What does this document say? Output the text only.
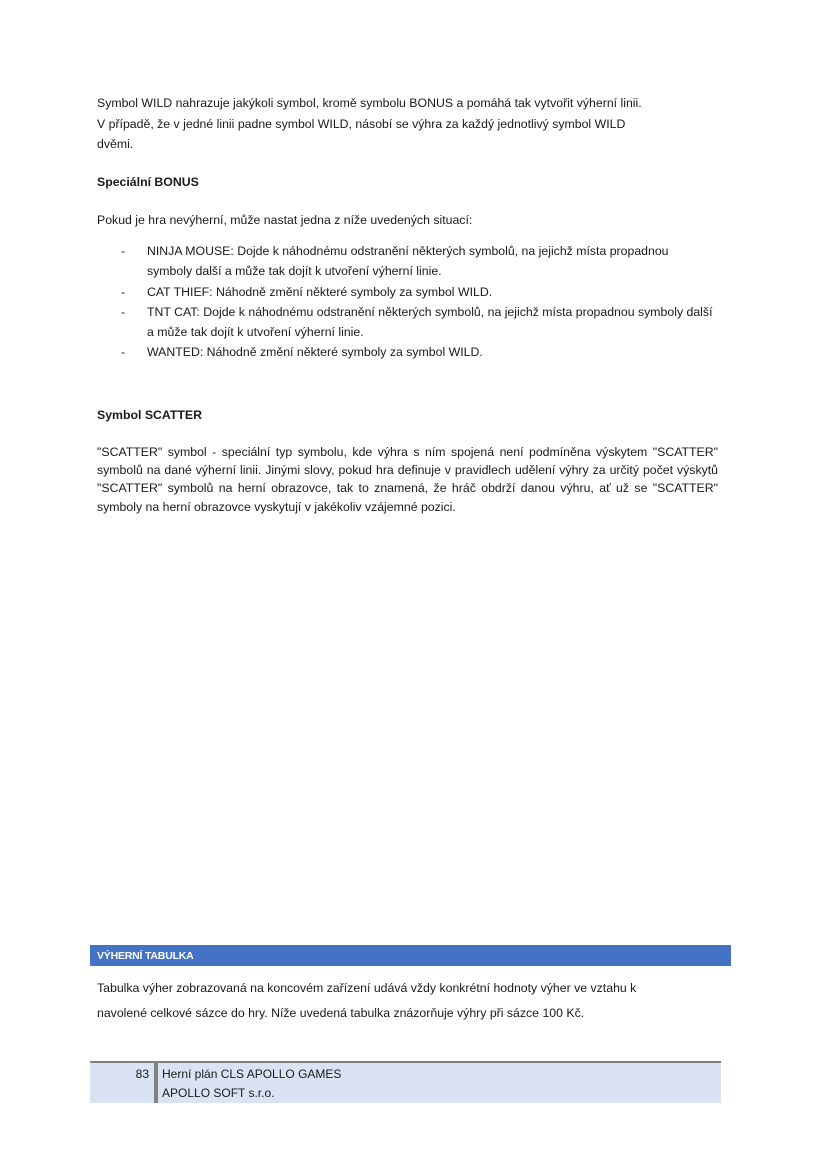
Symbol WILD nahrazuje jakýkoli symbol, kromě symbolu BONUS a pomáhá tak vytvořit výherní linii.
V případě, že v jedné linii padne symbol WILD, násobí se výhra za každý jednotlivý symbol WILD
dvěmi.
Speciální BONUS
Pokud je hra nevýherní, může nastat jedna z níže uvedených situací:
- NINJA MOUSE: Dojde k náhodnému odstranění některých symbolů, na jejichž místa propadnou symboly další a může tak dojít k utvoření výherní linie.
- CAT THIEF: Náhodně změní některé symboly za symbol WILD.
- TNT CAT: Dojde k náhodnému odstranění některých symbolů, na jejichž místa propadnou symboly další a může tak dojít k utvoření výherní linie.
- WANTED: Náhodně změní některé symboly za symbol WILD.
Symbol SCATTER
"SCATTER" symbol - speciální typ symbolu, kde výhra s ním spojená není podmíněna výskytem "SCATTER" symbolů na dané výherní linii. Jinými slovy, pokud hra definuje v pravidlech udělení výhry za určitý počet výskytů "SCATTER" symbolů na herní obrazovce, tak to znamená, že hráč obdrží danou výhru, ať už se "SCATTER" symboly na herní obrazovce vyskytují v jakékoliv vzájemné pozici.
VÝHERNÍ TABULKA
Tabulka výher zobrazovaná na koncovém zařízení udává vždy konkrétní hodnoty výher ve vztahu k
navolené celkové sázce do hry. Níže uvedená tabulka znázorňuje výhry při sázce 100 Kč.
83 Herní plán CLS APOLLO GAMES
APOLLO SOFT s.r.o.
